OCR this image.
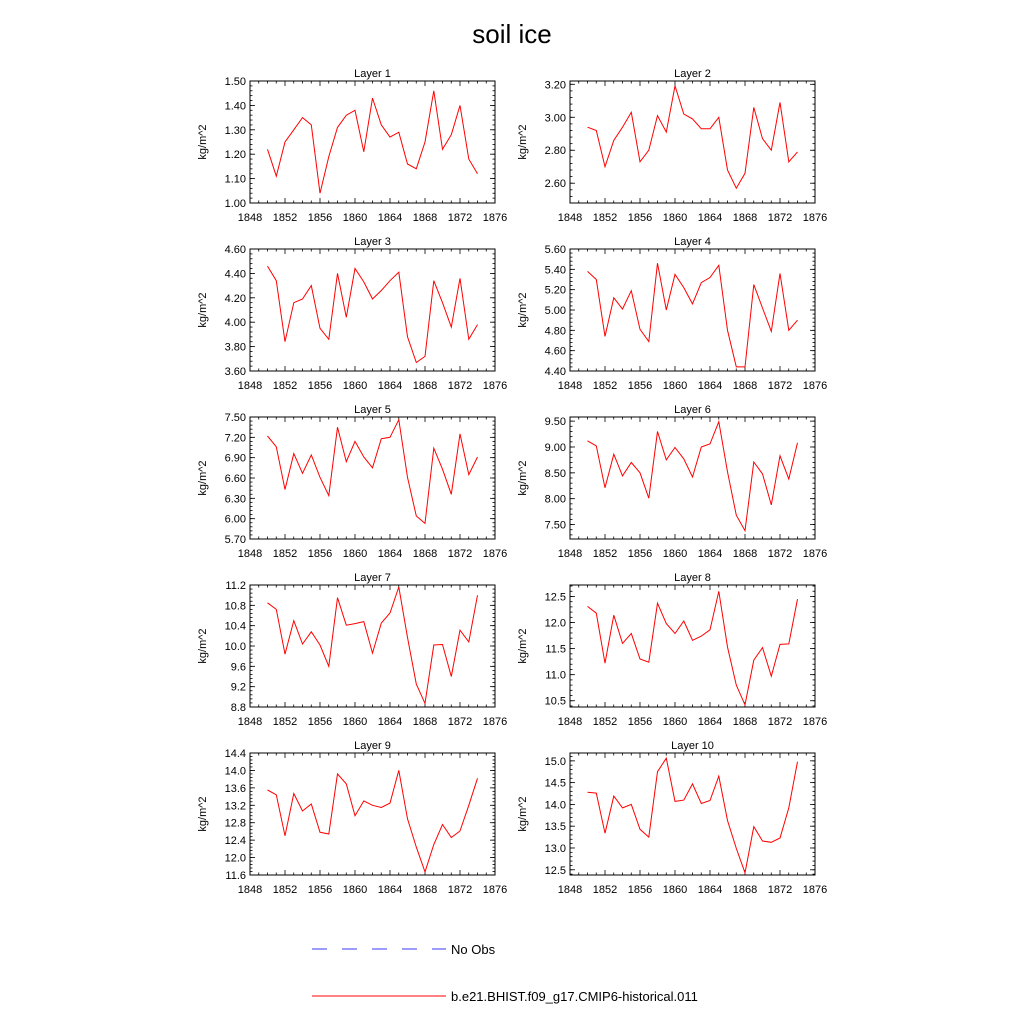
soil ice
Layer 1
kg/m^2
1848 1852 1856 1860 1864 1868 1872 1876
1.00
1.10
1.20
1.30
1.40
1.50
Layer 2
kg/m^2
1848 1852 1856 1860 1864 1868 1872 1876
2.60
2.80
3.00
3.20
Layer 3
kg/m^2
1848 1852 1856 1860 1864 1868 1872 1876
3.60
3.80
4.00
4.20
4.40
4.60
Layer 4
kg/m^2
1848 1852 1856 1860 1864 1868 1872 1876
4.40
4.60
4.80
5.00
5.20
5.40
5.60
Layer 5
kg/m^2
1848 1852 1856 1860 1864 1868 1872 1876
5.70
6.00
6.30
6.60
6.90
7.20
7.50
Layer 6
kg/m^2
1848 1852 1856 1860 1864 1868 1872 1876
7.50
8.00
8.50
9.00
9.50
Layer 7
kg/m^2
1848 1852 1856 1860 1864 1868 1872 1876
8.8
9.2
9.6
10.0
10.4
10.8
11.2
Layer 8
kg/m^2
1848 1852 1856 1860 1864 1868 1872 1876
10.5
11.0
11.5
12.0
12.5
Layer 9
kg/m^2
1848 1852 1856 1860 1864 1868 1872 1876
11.6
12.0
12.4
12.8
13.2
13.6
14.0
14.4
Layer 10
kg/m^2
1848 1852 1856 1860 1864 1868 1872 1876
12.5
13.0
13.5
14.0
14.5
15.0
No Obs
b.e21.BHIST.f09_g17.CMIP6-historical.011
